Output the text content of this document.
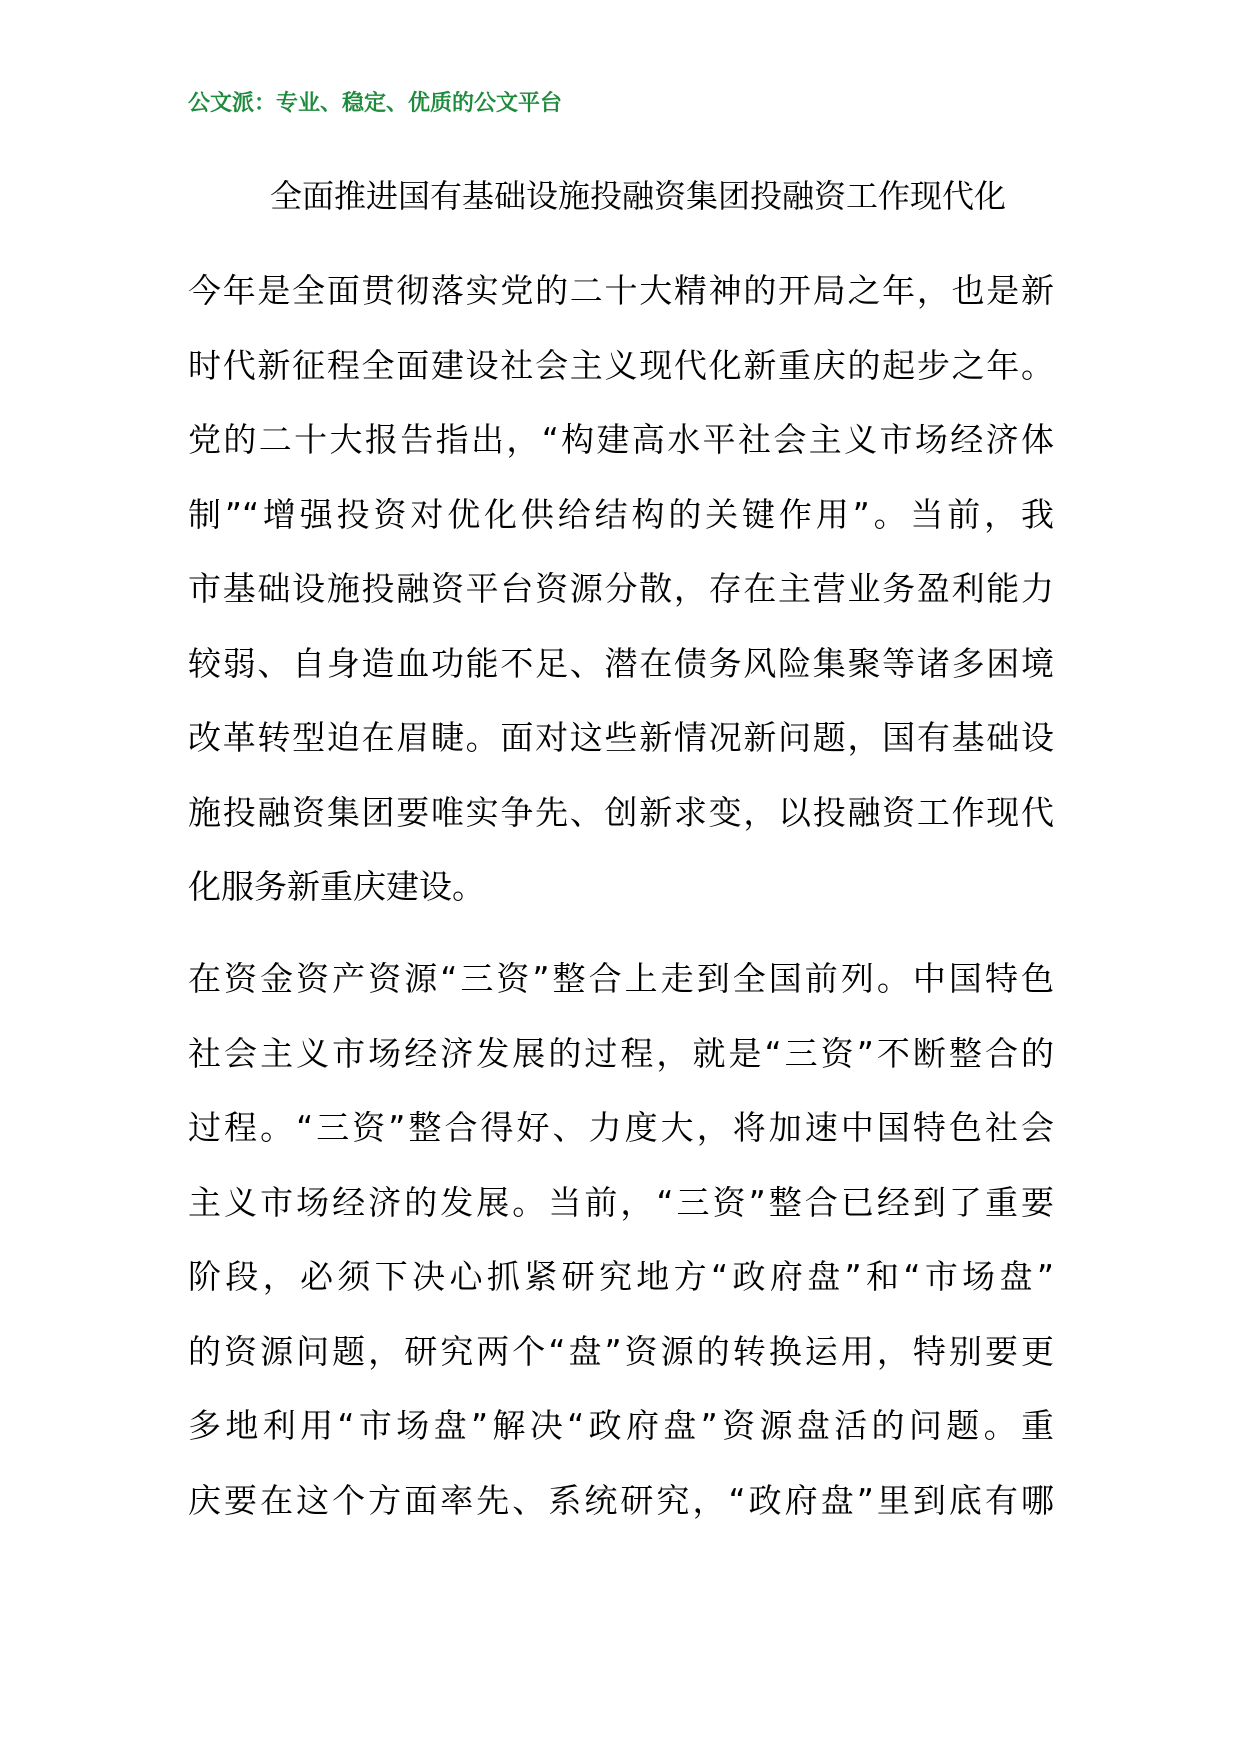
公文派：专业、稳定、优质的公文平台
全面推进国有基础设施投融资集团投融资工作现代化
今年是全面贯彻落实党的二十大精神的开局之年，也是新
时代新征程全面建设社会主义现代化新重庆的起步之年。
党的二十大报告指出，“构建高水平社会主义市场经济体
制”“增强投资对优化供给结构的关键作用”。当前，我
市基础设施投融资平台资源分散，存在主营业务盈利能力
较弱、自身造血功能不足、潜在债务风险集聚等诸多困境
改革转型迫在眉睫。面对这些新情况新问题，国有基础设
施投融资集团要唯实争先、创新求变，以投融资工作现代
化服务新重庆建设。
在资金资产资源“三资”整合上走到全国前列。中国特色
社会主义市场经济发展的过程，就是“三资”不断整合的
过程。“三资”整合得好、力度大，将加速中国特色社会
主义市场经济的发展。当前，“三资”整合已经到了重要
阶段，必须下决心抓紧研究地方“政府盘”和“市场盘”
的资源问题，研究两个“盘”资源的转换运用，特别要更
多地利用“市场盘”解决“政府盘”资源盘活的问题。重
庆要在这个方面率先、系统研究，“政府盘”里到底有哪
